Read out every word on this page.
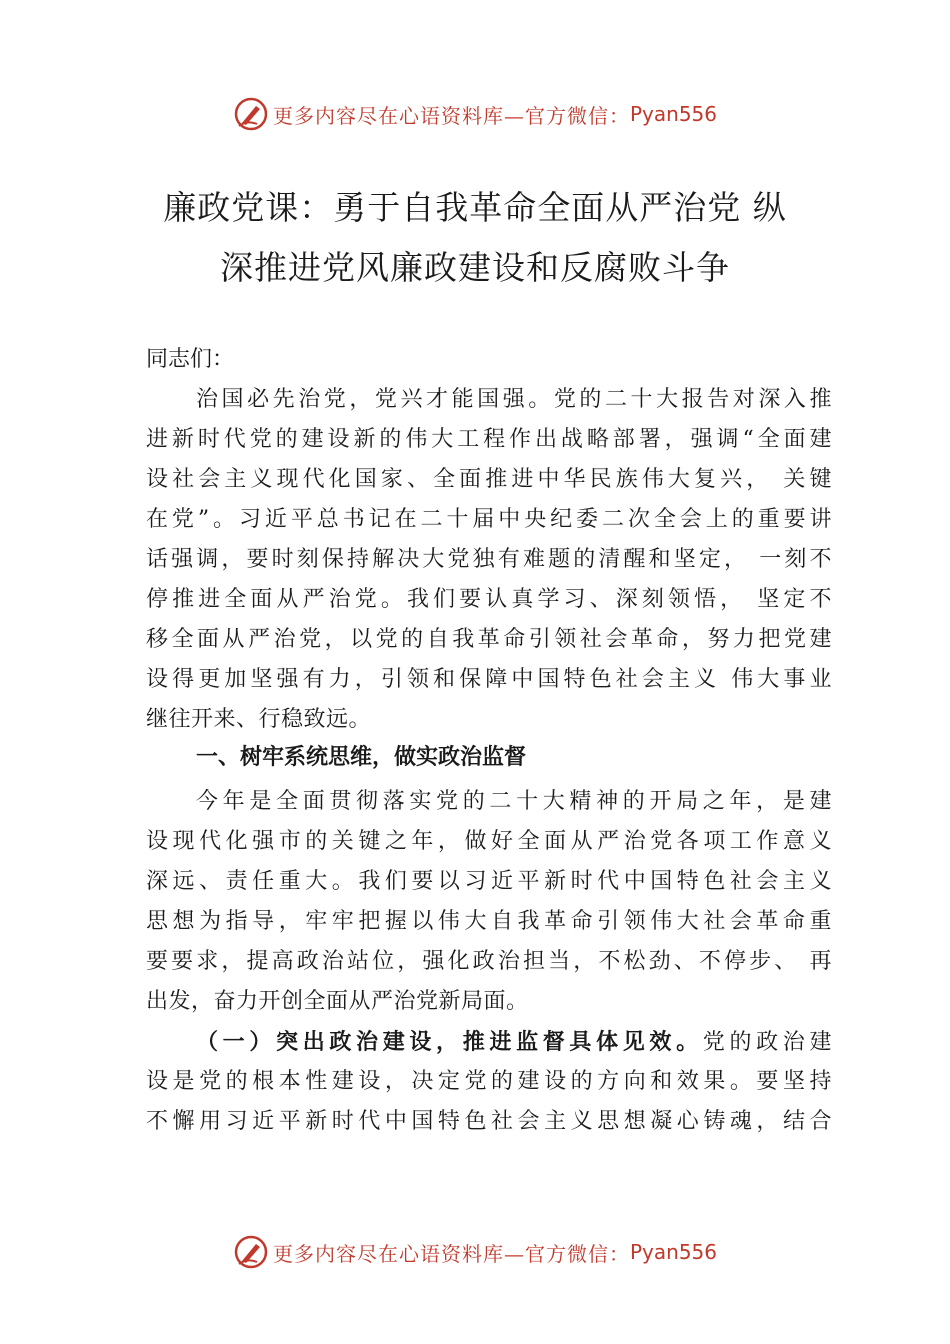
更多内容尽在心语资料库—官方微信： Pyan556
廉政党课：勇于自我革命全面从严治党 纵
深推进党风廉政建设和反腐败斗争
同志们：
治国必先治党，党兴才能国强。党的二十大报告对深入推
进新时代党的建设新的伟大工程作出战略部署，强调“全面建
设社会主义现代化国家、全面推进中华民族伟大复兴， 关键
在党”。习近平总书记在二十届中央纪委二次全会上的重要讲
话强调，要时刻保持解决大党独有难题的清醒和坚定， 一刻不
停推进全面从严治党。我们要认真学习、深刻领悟， 坚定不
移全面从严治党，以党的自我革命引领社会革命，努力把党建
设得更加坚强有力，引领和保障中国特色社会主义 伟大事业
继往开来、行稳致远。
一、树牢系统思维，做实政治监督
今年是全面贯彻落实党的二十大精神的开局之年，是建
设现代化强市的关键之年，做好全面从严治党各项工作意义
深远、责任重大。我们要以习近平新时代中国特色社会主义
思想为指导，牢牢把握以伟大自我革命引领伟大社会革命重
要要求，提高政治站位，强化政治担当，不松劲、不停步、 再
出发，奋力开创全面从严治党新局面。
（一）突出政治建设，推进监督具体见效。党的政治建
设是党的根本性建设，决定党的建设的方向和效果。要坚持
不懈用习近平新时代中国特色社会主义思想凝心铸魂，结合
更多内容尽在心语资料库—官方微信： Pyan556
